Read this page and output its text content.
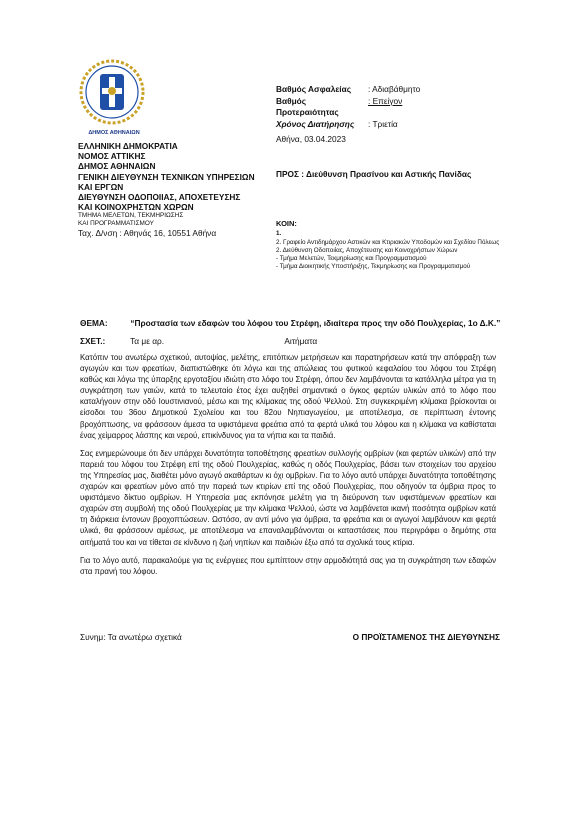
ΔΗΜΟΣ ΑΘΗΝΑΙΩΝ
ΕΛΛΗΝΙΚΗ ΔΗΜΟΚΡΑΤΙΑ
ΝΟΜΟΣ ΑΤΤΙΚΗΣ
ΔΗΜΟΣ ΑΘΗΝΑΙΩΝ
ΓΕΝΙΚΗ ΔΙΕΥΘΥΝΣΗ ΤΕΧΝΙΚΩΝ ΥΠΗΡΕΣΙΩΝ
ΚΑΙ ΕΡΓΩΝ
ΔΙΕΥΘΥΝΣΗ ΟΔΟΠΟΙΙΑΣ, ΑΠΟΧΕΤΕΥΣΗΣ
ΚΑΙ ΚΟΙΝΟΧΡΗΣΤΩΝ ΧΩΡΩΝ
ΤΜΗΜΑ ΜΕΛΕΤΩΝ, ΤΕΚΜΗΡΙΩΣΗΣ
ΚΑΙ ΠΡΟΓΡΑΜΜΑΤΙΣΜΟΥ
Ταχ. Δ/νση : Αθηνάς 16, 10551 Αθήνα
Βαθμός Ασφαλείας	: Αδιαβάθμητο
Βαθμός Προτεραιότητας
: Επείγον
Χρόνος Διατήρησης	: Τριετία
Αθήνα, 03.04.2023
ΠΡΟΣ : Διεύθυνση Πρασίνου και Αστικής Πανίδας
ΚΟΙΝ:
1.
2. Γραφείο Αντιδημάρχου Αστικών και Κτιριακών Υποδομών και Σχεδίου Πόλεως
2. Διεύθυνση Οδοποιίας, Αποχέτευσης και Κοινοχρήστων Χώρων
- Τμήμα Μελετών, Τεκμηρίωσης και Προγραμματισμού
- Τμήμα Διοικητικής Υποστήριξης, Τεκμηρίωσης και Προγραμματισμού
ΘΕΜΑ:	“Προστασία των εδαφών του λόφου του Στρέφη, ιδιαίτερα προς την οδό Πουλχερίας, 1ο Δ.Κ.”
ΣΧΕΤ.:	Τα με αρ.	Αιτήματα

Κατόπιν του ανωτέρω σχετικού, αυτοψίας, μελέτης, επιτόπιων μετρήσεων και παρατηρήσεων κατά την απόφραξη των αγωγών και των φρεατίων, διαπιστώθηκε ότι λόγω και της απώλειας του φυτικού κεφαλαίου του λόφου του Στρέφη καθώς και λόγω της ύπαρξης εργοταξίου ιδιώτη στο λόφο του Στρέφη, όπου δεν λαμβάνονται τα κατάλληλα μέτρα για τη συγκράτηση των γαιών, κατά το τελευταίο έτος έχει αυξηθεί σημαντικά ο όγκος φερτών υλικών από το λόφο που καταλήγουν στην οδό Ιουστινιανού, μέσω και της κλίμακας της οδού Ψελλού. Στη συγκεκριμένη κλίμακα βρίσκονται οι είσοδοι του 36ου Δημοτικού Σχολείου και του 82ου Νηπιαγωγείου, με αποτέλεσμα, σε περίπτωση έντονης βροχόπτωσης, να φράσσουν άμεσα τα υφιστάμενα φρεάτια από τα φερτά υλικά του λόφου και η κλίμακα να καθίσταται ένας χείμαρρος λάσπης και νερού, επικίνδυνος για τα νήπια και τα παιδιά.

Σας ενημερώνουμε ότι δεν υπάρχει δυνατότητα τοποθέτησης φρεατίων συλλογής ομβρίων (και φερτών υλικών) από την παρειά του λόφου του Στρέφη επί της οδού Πουλχερίας, καθώς η οδός Πουλχερίας, βάσει των στοιχείων του αρχείου της Υπηρεσίας μας, διαθέτει μόνο αγωγό ακαθάρτων κι όχι ομβρίων. Για το λόγο αυτό υπάρχει δυνατότητα τοποθέτησης σχαρών και φρεατίων μόνο από την παρειά των κτιρίων επί της οδού Πουλχερίας, που οδηγούν τα όμβρια προς το υφιστάμενο δίκτυο ομβρίων. Η Υπηρεσία μας εκπόνησε μελέτη για τη διεύρυνση των υφιστάμενων φρεατίων και σχαρών στη συμβολή της οδού Πουλχερίας με την κλίμακα Ψελλού, ώστε να λαμβάνεται ικανή ποσότητα ομβρίων κατά τη διάρκεια έντονων βροχοπτώσεων. Ωστόσο, αν αντί μόνο για όμβρια, τα φρεάτια και οι αγωγοί λαμβάνουν και φερτά υλικά, θα φράσσουν αμέσως, με αποτέλεσμα να επαναλαμβάνονται οι καταστάσεις που περιγράφει ο δημότης στα αιτήματά του και να τίθεται σε κίνδυνο η ζωή νηπίων και παιδιών έξω από τα σχολικά τους κτίρια.

Για το λόγο αυτό, παρακαλούμε για τις ενέργειες που εμπίπτουν στην αρμοδιότητά σας για τη συγκράτηση των εδαφών στα πρανή του λόφου.

Συνημ: Τα ανωτέρω σχετικά	Ο ΠΡΟΪΣΤΑΜΕΝΟΣ ΤΗΣ ΔΙΕΥΘΥΝΣΗΣ
